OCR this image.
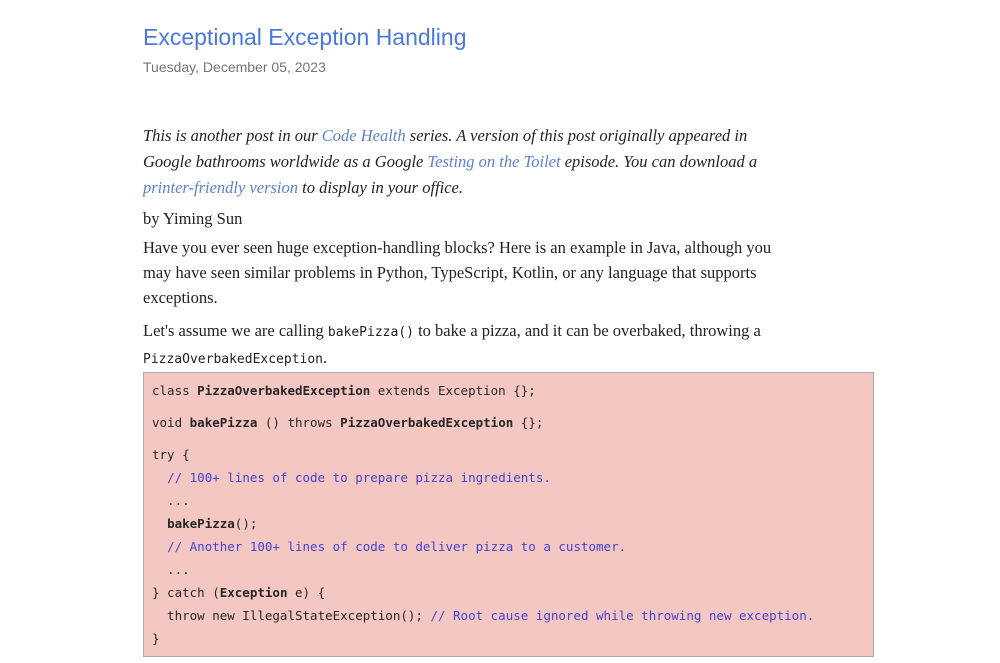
Exceptional Exception Handling
Tuesday, December 05, 2023
This is another post in our Code Health series. A version of this post originally appeared in
Google bathrooms worldwide as a Google Testing on the Toilet episode. You can download a
printer-friendly version to display in your office.
by Yiming Sun
Have you ever seen huge exception-handling blocks? Here is an example in Java, although you
may have seen similar problems in Python, TypeScript, Kotlin, or any language that supports
exceptions.
Let's assume we are calling bakePizza() to bake a pizza, and it can be overbaked, throwing a
PizzaOverbakedException.
class PizzaOverbakedException extends Exception {};
void bakePizza () throws PizzaOverbakedException {};
try {
// 100+ lines of code to prepare pizza ingredients.
...
bakePizza();
// Another 100+ lines of code to deliver pizza to a customer.
...
} catch (Exception e) {
throw new IllegalStateException(); // Root cause ignored while throwing new exception.
}
